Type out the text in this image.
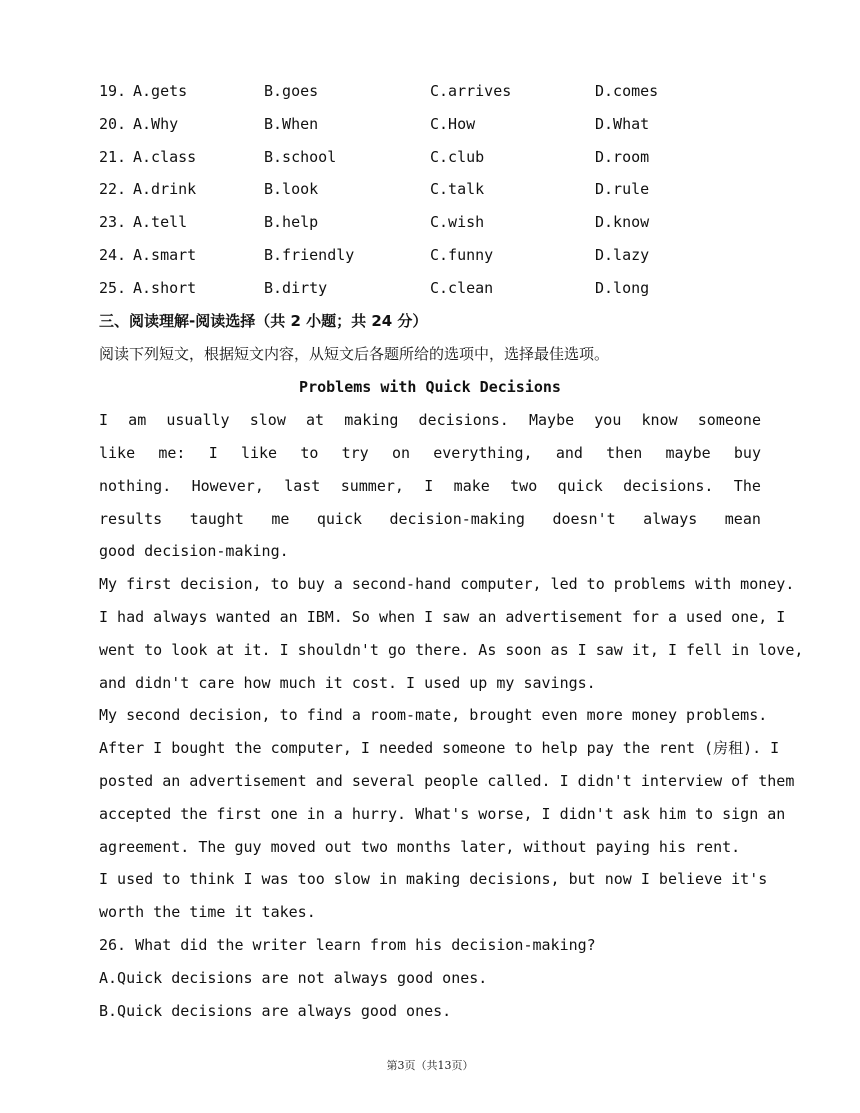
19. A.gets	B.goes	C.arrives	D.comes
20. A.Why	B.When	C.How	D.What
21. A.class	B.school	C.club	D.room
22. A.drink	B.look	C.talk	D.rule
23. A.tell	B.help	C.wish	D.know
24. A.smart	B.friendly	C.funny	D.lazy
25. A.short	B.dirty	C.clean	D.long
三、阅读理解-阅读选择（共 2 小题；共 24 分）
阅读下列短文，根据短文内容，从短文后各题所给的选项中，选择最佳选项。
Problems with Quick Decisions
I am usually slow at making decisions. Maybe you know someone
like me: I like to try on everything, and then maybe buy
nothing. However, last summer, I make two quick decisions. The
results taught me quick decision-making doesn't always mean
good decision-making.
My first decision, to buy a second-hand computer, led to problems with money.
I had always wanted an IBM. So when I saw an advertisement for a used one, I
went to look at it. I shouldn't go there. As soon as I saw it, I fell in love,
and didn't care how much it cost. I used up my savings.
My second decision, to find a room-mate, brought even more money problems.
After I bought the computer, I needed someone to help pay the rent (房租). I
posted an advertisement and several people called. I didn't interview of them
accepted the first one in a hurry. What's worse, I didn't ask him to sign an
agreement. The guy moved out two months later, without paying his rent.
I used to think I was too slow in making decisions, but now I believe it's
worth the time it takes.
26. What did the writer learn from his decision-making?
A.Quick decisions are not always good ones.
B.Quick decisions are always good ones.
第3页（共13页）
